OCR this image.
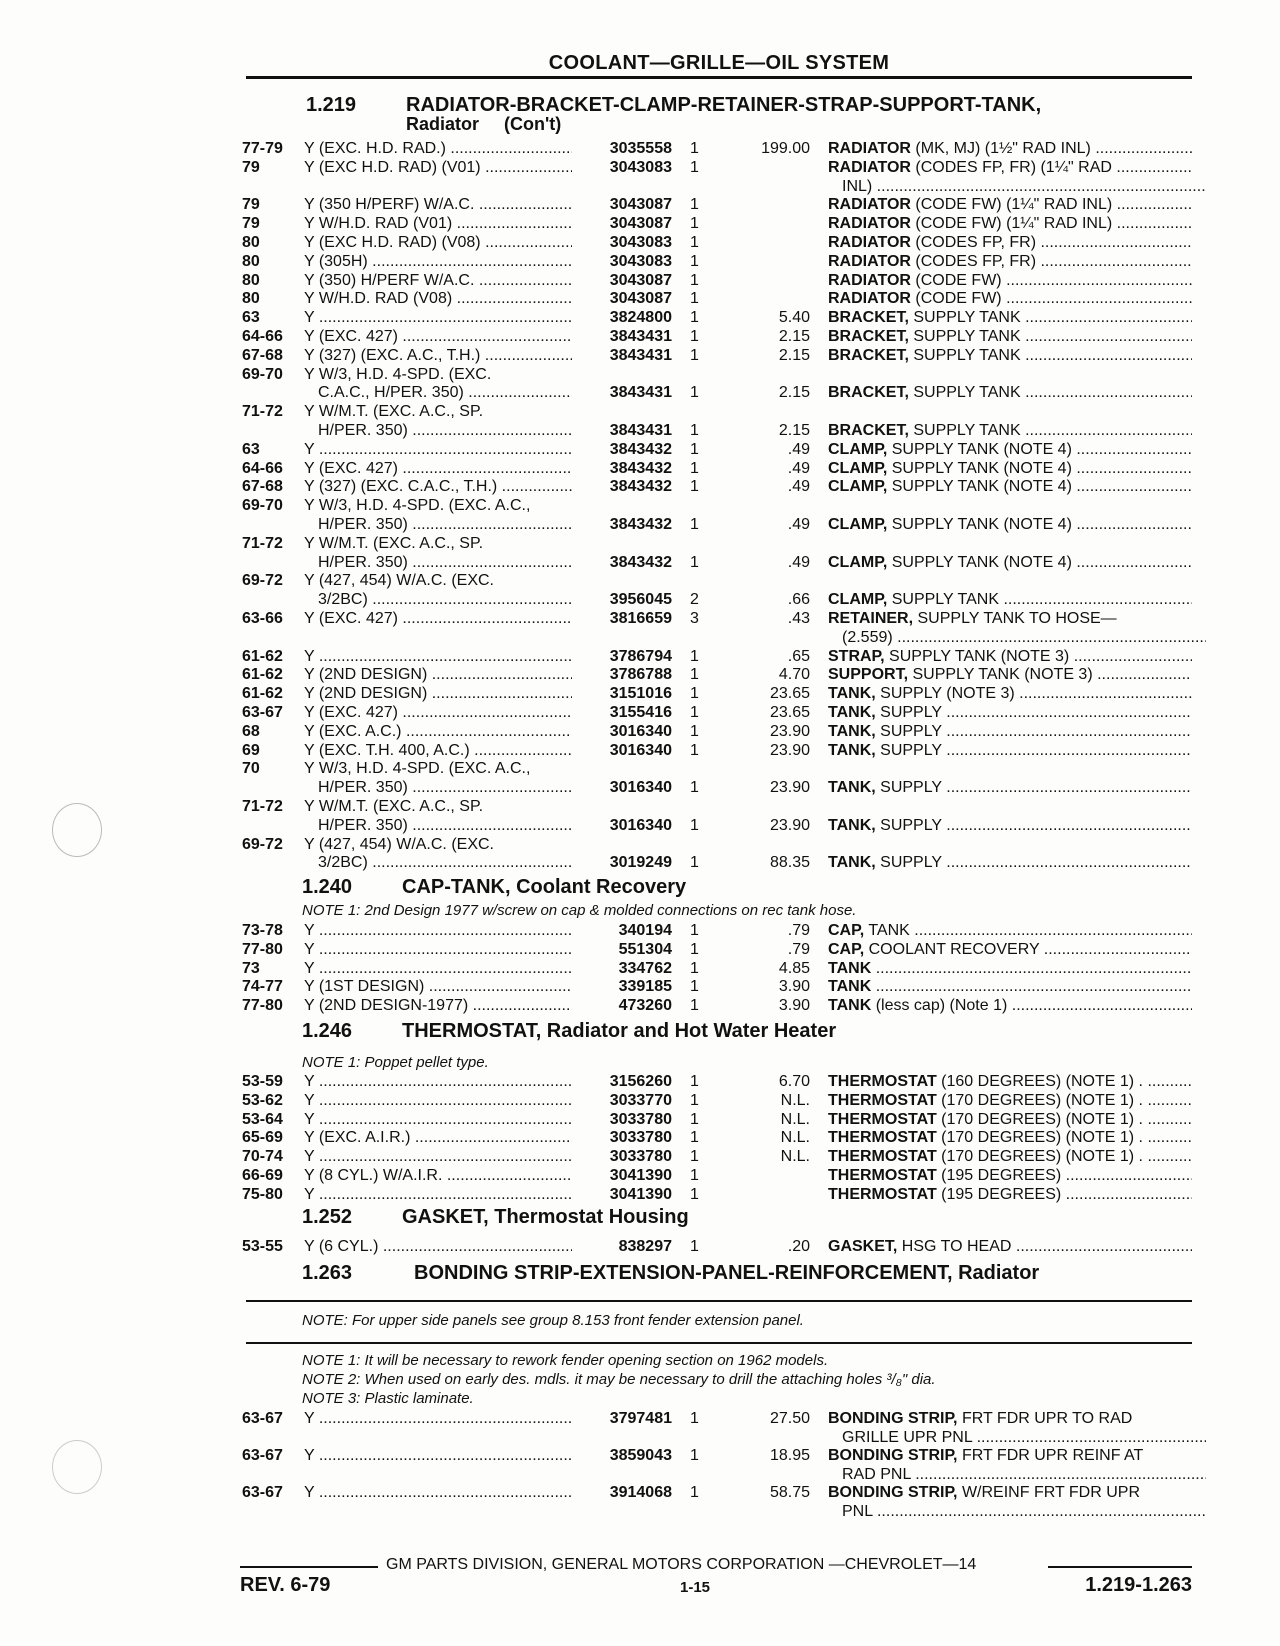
COOLANT—GRILLE—OIL SYSTEM
1.219 RADIATOR-BRACKET-CLAMP-RETAINER-STRAP-SUPPORT-TANK,
Radiator     (Con't)
77-79 Y (EXC. H.D. RAD.) .....	3035558 1	199.00 RADIATOR (MK, MJ) (1½" RAD INL) .....
79	Y (EXC H.D. RAD) (V01) .....	3043083 1	RADIATOR (CODES FP, FR) (1¼" RAD .....
INL) .....
79	Y (350 H/PERF) W/A.C. .....	3043087 1	RADIATOR (CODE FW) (1¼" RAD INL) .....
79	Y W/H.D. RAD (V01) .....	3043087 1	RADIATOR (CODE FW) (1¼" RAD INL) .....
80	Y (EXC H.D. RAD) (V08) .....	3043083 1	RADIATOR (CODES FP, FR) .....
80	Y (305H) .....	3043083 1	RADIATOR (CODES FP, FR) .....
80	Y (350) H/PERF W/A.C. .....	3043087 1	RADIATOR (CODE FW) .....
80	Y W/H.D. RAD (V08) .....	3043087 1	RADIATOR (CODE FW) .....
63	Y .....	3824800 1	5.40 BRACKET, SUPPLY TANK .....
64-66 Y (EXC. 427) .....	3843431 1	2.15 BRACKET, SUPPLY TANK .....
67-68 Y (327) (EXC. A.C., T.H.) .....	3843431 1	2.15 BRACKET, SUPPLY TANK .....
69-70 Y W/3, H.D. 4-SPD. (EXC.
C.A.C., H/PER. 350) .....	3843431 1	2.15 BRACKET, SUPPLY TANK .....
71-72 Y W/M.T. (EXC. A.C., SP.
H/PER. 350) .....	3843431 1	2.15 BRACKET, SUPPLY TANK .....
63	Y .....	3843432 1	.49 CLAMP, SUPPLY TANK (NOTE 4) .....
64-66 Y (EXC. 427) .....	3843432 1	.49 CLAMP, SUPPLY TANK (NOTE 4) .....
67-68 Y (327) (EXC. C.A.C., T.H.) .....	3843432 1	.49 CLAMP, SUPPLY TANK (NOTE 4) .....
69-70 Y W/3, H.D. 4-SPD. (EXC. A.C.,
H/PER. 350) .....	3843432 1	.49 CLAMP, SUPPLY TANK (NOTE 4) .....
71-72 Y W/M.T. (EXC. A.C., SP.
H/PER. 350) .....	3843432 1	.49 CLAMP, SUPPLY TANK (NOTE 4) .....
69-72 Y (427, 454) W/A.C. (EXC.
3/2BC) .....	3956045 2	.66 CLAMP, SUPPLY TANK .....
63-66 Y (EXC. 427) .....	3816659 3	.43 RETAINER, SUPPLY TANK TO HOSE—
(2.559) .....
61-62 Y .....	3786794 1	.65 STRAP, SUPPLY TANK (NOTE 3) .....
61-62 Y (2ND DESIGN) .....	3786788 1	4.70 SUPPORT, SUPPLY TANK (NOTE 3) .....
61-62 Y (2ND DESIGN) .....	3151016 1	23.65 TANK, SUPPLY (NOTE 3) .....
63-67 Y (EXC. 427) .....	3155416 1	23.65 TANK, SUPPLY .....
68	Y (EXC. A.C.) .....	3016340 1	23.90 TANK, SUPPLY .....
69	Y (EXC. T.H. 400, A.C.) .....	3016340 1	23.90 TANK, SUPPLY .....
70	Y W/3, H.D. 4-SPD. (EXC. A.C.,
H/PER. 350) .....	3016340 1	23.90 TANK, SUPPLY .....
71-72 Y W/M.T. (EXC. A.C., SP.
H/PER. 350) .....	3016340 1	23.90 TANK, SUPPLY .....
69-72 Y (427, 454) W/A.C. (EXC.
3/2BC) .....	3019249 1	88.35 TANK, SUPPLY .....
1.240 CAP-TANK, Coolant Recovery
NOTE 1: 2nd Design 1977 w/screw on cap & molded connections on rec tank hose.
73-78 Y .....	340194 1	.79 CAP, TANK .....
77-80 Y .....	551304 1	.79 CAP, COOLANT RECOVERY .....
73	Y .....	334762 1	4.85 TANK .....
74-77 Y (1ST DESIGN) .....	339185 1	3.90 TANK .....
77-80 Y (2ND DESIGN-1977) .....	473260 1	3.90 TANK (less cap) (Note 1) .....
1.246 THERMOSTAT, Radiator and Hot Water Heater
NOTE 1: Poppet pellet type.
53-59 Y .....	3156260 1	6.70 THERMOSTAT (160 DEGREES) (NOTE 1) . .....
53-62 Y .....	3033770 1	N.L. THERMOSTAT (170 DEGREES) (NOTE 1) . .....
53-64 Y .....	3033780 1	N.L. THERMOSTAT (170 DEGREES) (NOTE 1) . .....
65-69 Y (EXC. A.I.R.) .....	3033780 1	N.L. THERMOSTAT (170 DEGREES) (NOTE 1) . .....
70-74 Y .....	3033780 1	N.L. THERMOSTAT (170 DEGREES) (NOTE 1) . .....
66-69 Y (8 CYL.) W/A.I.R. .....	3041390 1	THERMOSTAT (195 DEGREES) .....
75-80 Y .....	3041390 1	THERMOSTAT (195 DEGREES) .....
1.252 GASKET, Thermostat Housing
53-55 Y (6 CYL.) .....	838297 1	.20 GASKET, HSG TO HEAD .....
1.263	BONDING STRIP-EXTENSION-PANEL-REINFORCEMENT, Radiator
NOTE: For upper side panels see group 8.153 front fender extension panel.
NOTE 1: It will be necessary to rework fender opening section on 1962 models.
NOTE 2: When used on early des. mdls. it may be necessary to drill the attaching holes ³/₈" dia.
NOTE 3: Plastic laminate.
63-67 Y .....	3797481 1	27.50 BONDING STRIP, FRT FDR UPR TO RAD
GRILLE UPR PNL .....
63-67 Y .....	3859043 1	18.95 BONDING STRIP, FRT FDR UPR REINF AT
RAD PNL .....
63-67 Y .....	3914068 1	58.75 BONDING STRIP, W/REINF FRT FDR UPR
PNL .....
GM PARTS DIVISION, GENERAL MOTORS CORPORATION —CHEVROLET—14
REV. 6-79	1-15	1.219-1.263
